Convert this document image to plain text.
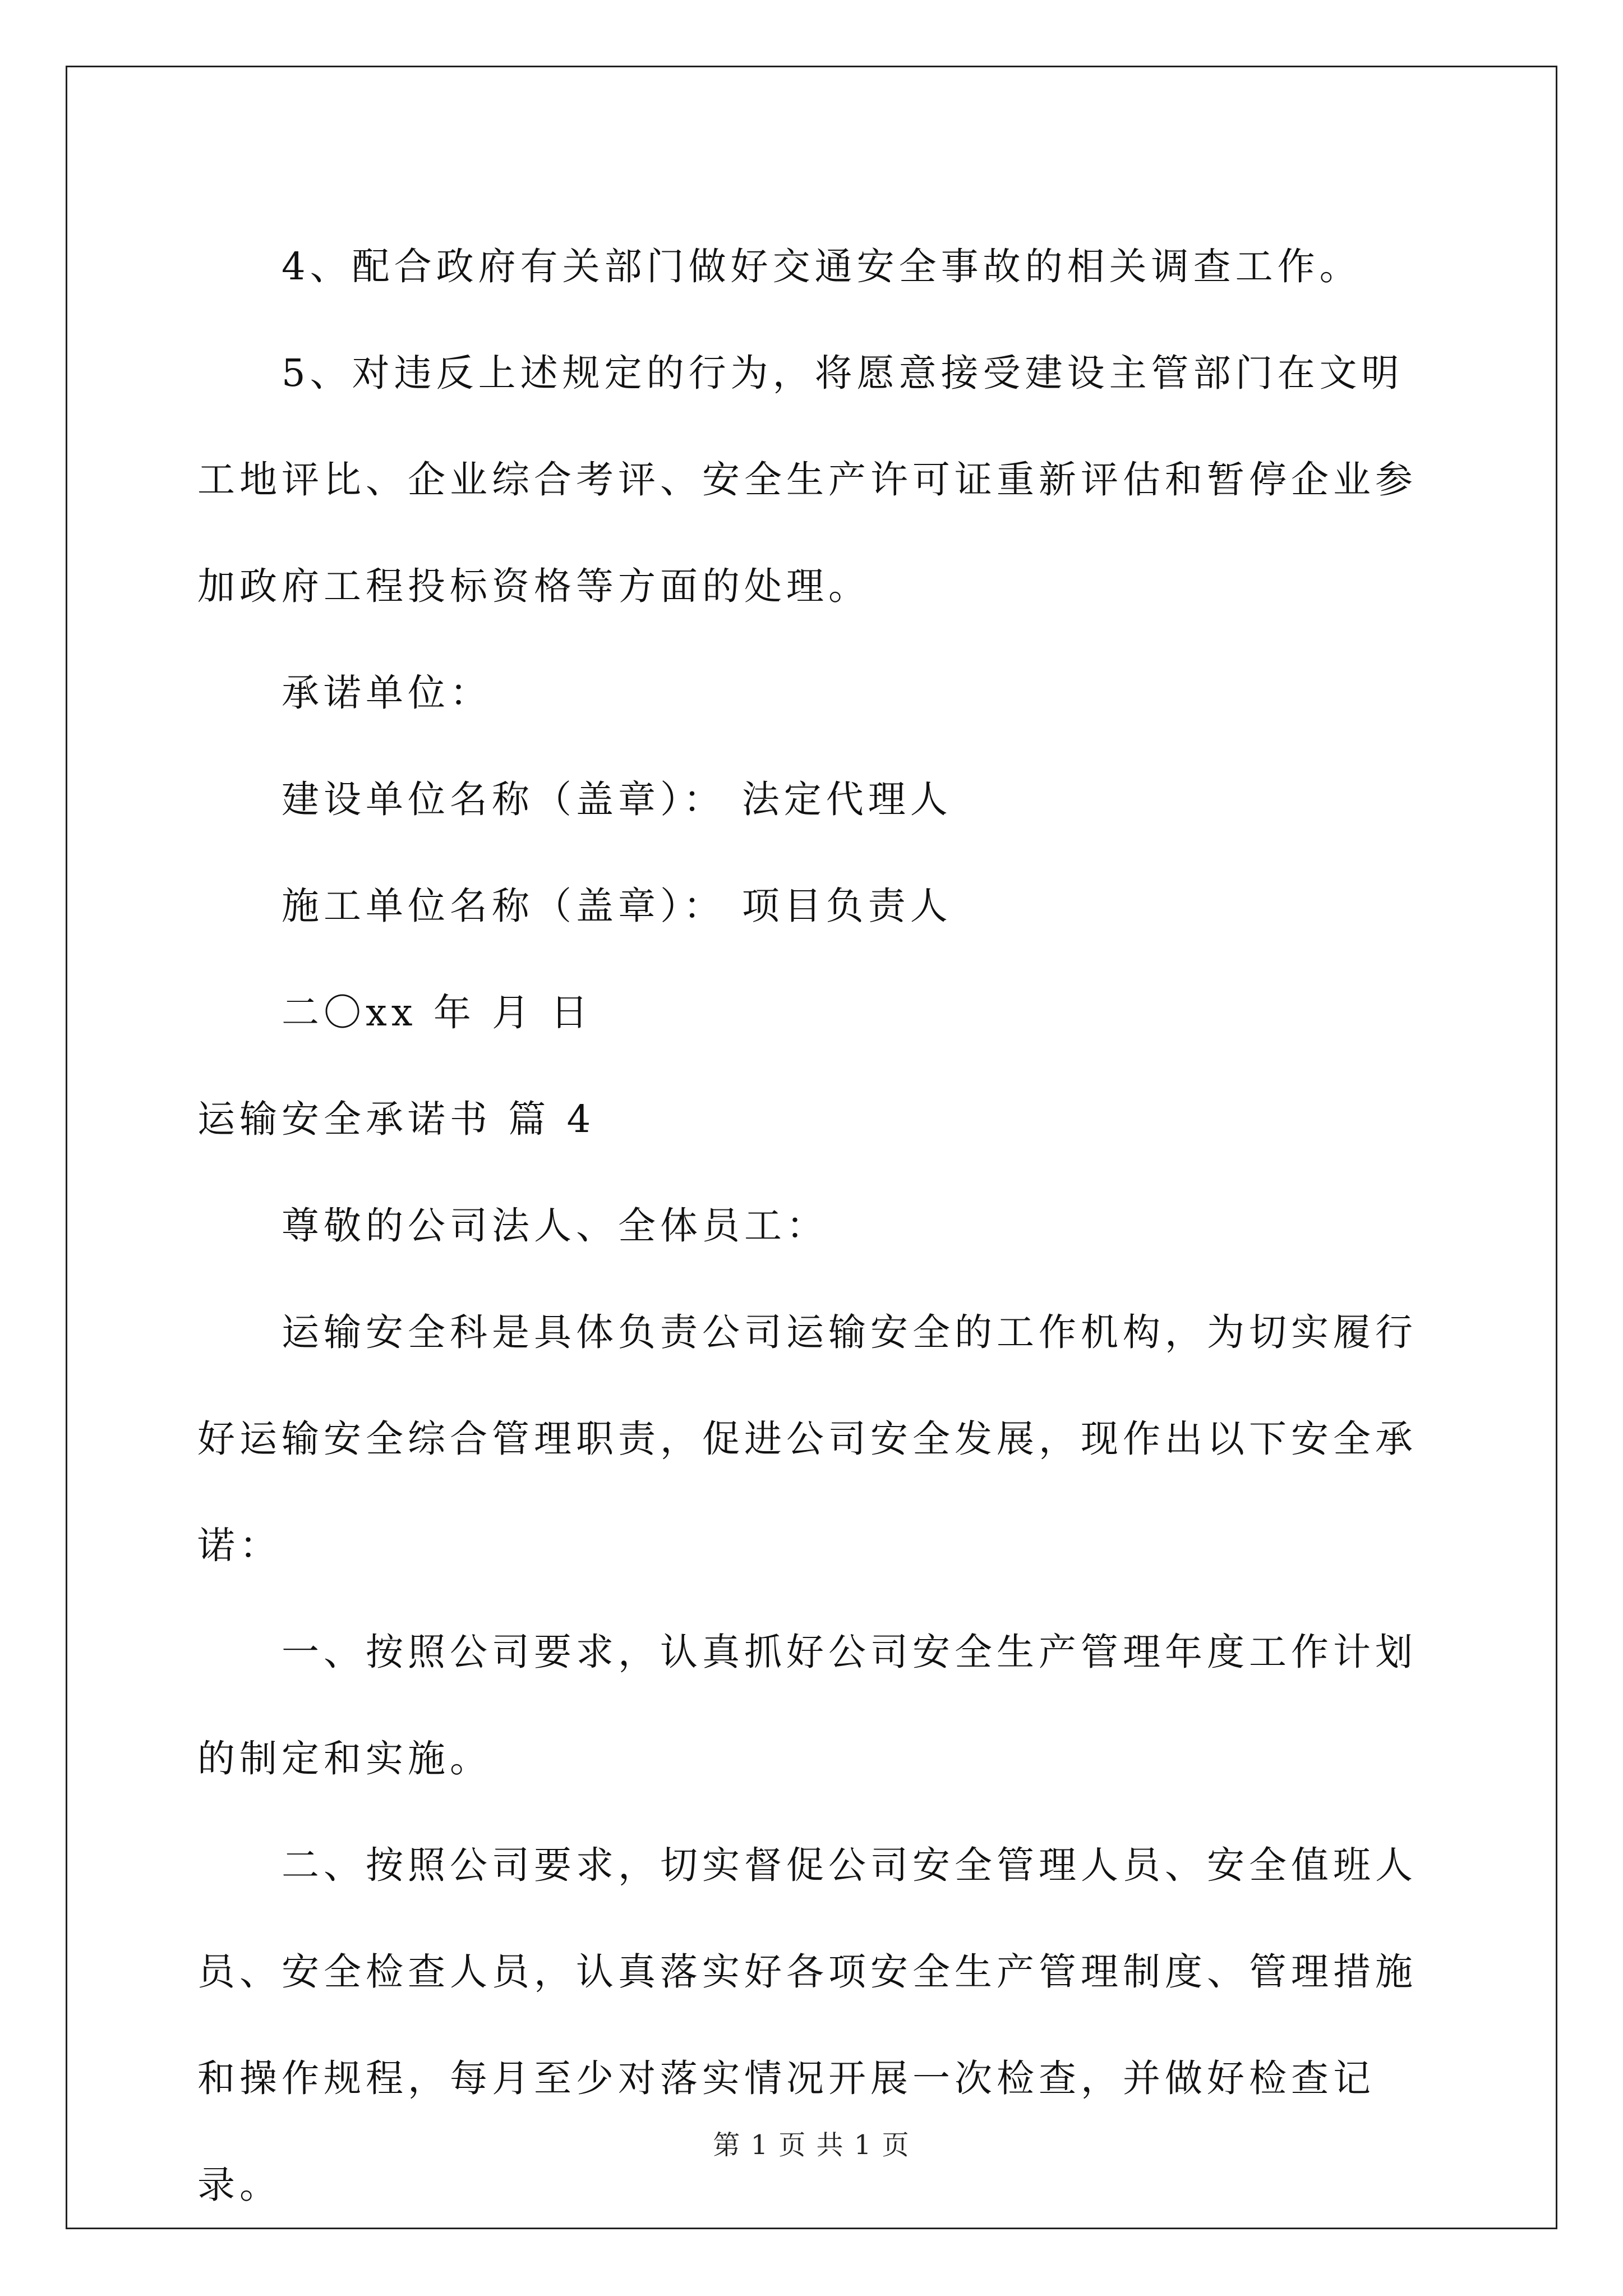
4、配合政府有关部门做好交通安全事故的相关调查工作。

5、对违反上述规定的行为，将愿意接受建设主管部门在文明工地评比、企业综合考评、安全生产许可证重新评估和暂停企业参加政府工程投标资格等方面的处理。

承诺单位：

建设单位名称（盖章）： 法定代理人

施工单位名称（盖章）： 项目负责人

二〇xx 年 月 日

运输安全承诺书 篇 4

尊敬的公司法人、全体员工：

运输安全科是具体负责公司运输安全的工作机构，为切实履行好运输安全综合管理职责，促进公司安全发展，现作出以下安全承诺：

一、按照公司要求，认真抓好公司安全生产管理年度工作计划的制定和实施。

二、按照公司要求，切实督促公司安全管理人员、安全值班人员、安全检查人员，认真落实好各项安全生产管理制度、管理措施和操作规程，每月至少对落实情况开展一次检查，并做好检查记录。

第 1 页 共 1 页
